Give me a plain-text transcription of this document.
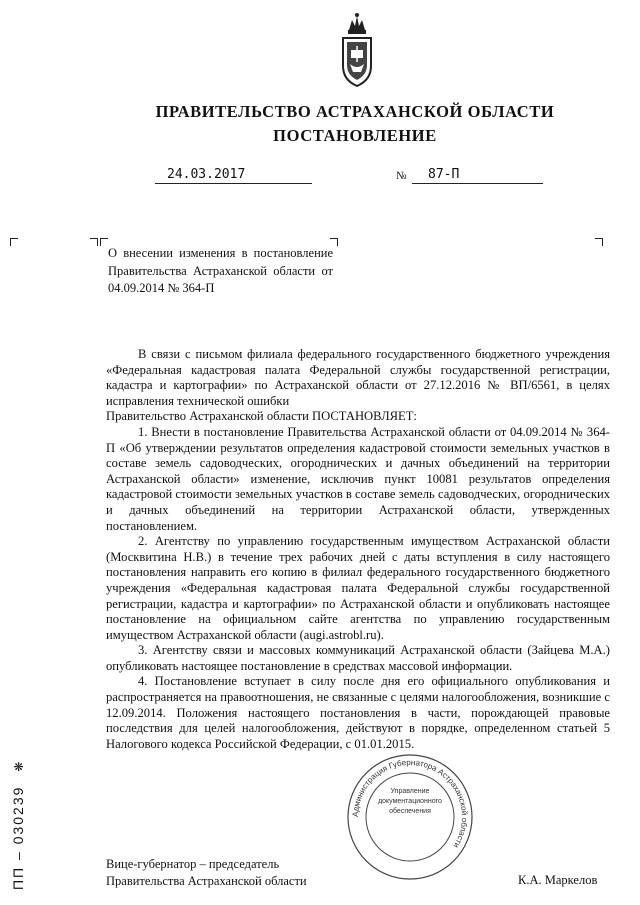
ПРАВИТЕЛЬСТВО АСТРАХАНСКОЙ ОБЛАСТИ
ПОСТАНОВЛЕНИЕ
24.03.2017	№	87-П
О внесении изменения в постановление Правительства Астраханской области от 04.09.2014 № 364-П

В связи с письмом филиала федерального государственного бюджетного учреждения «Федеральная кадастровая палата Федеральной службы государственной регистрации, кадастра и картографии» по Астраханской области от 27.12.2016 № ВП/6561, в целях исправления технической ошибки

Правительство Астраханской области ПОСТАНОВЛЯЕТ:

1. Внести в постановление Правительства Астраханской области от 04.09.2014 № 364-П «Об утверждении результатов определения кадастровой стоимости земельных участков в составе земель садоводческих, огороднических и дачных объединений на территории Астраханской области» изменение, исключив пункт 10081 результатов определения кадастровой стоимости земельных участков в составе земель садоводческих, огороднических и дачных объединений на территории Астраханской области, утвержденных постановлением.

2. Агентству по управлению государственным имуществом Астраханской области (Москвитина Н.В.) в течение трех рабочих дней с даты вступления в силу настоящего постановления направить его копию в филиал федерального государственного бюджетного учреждения «Федеральная кадастровая палата Федеральной службы государственной регистрации, кадастра и картографии» по Астраханской области и опубликовать настоящее постановление на официальном сайте агентства по управлению государственным имуществом Астраханской области (augi.astrobl.ru).

3. Агентству связи и массовых коммуникаций Астраханской области (Зайцева М.А.) опубликовать настоящее постановление в средствах массовой информации.

4. Постановление вступает в силу после дня его официального опубликования и распространяется на правоотношения, не связанные с целями налогообложения, возникшие с 12.09.2014. Положения настоящего постановления в части, порождающей правовые последствия для целей налогообложения, действуют в порядке, определенном статьей 5 Налогового кодекса Российской Федерации, с 01.01.2015.

Администрация Губернатора Астраханской области
Управление
документационного
обеспечения
Вице-губернатор – председатель
Правительства Астраханской области	К.А. Маркелов
ПП – 030239❋
